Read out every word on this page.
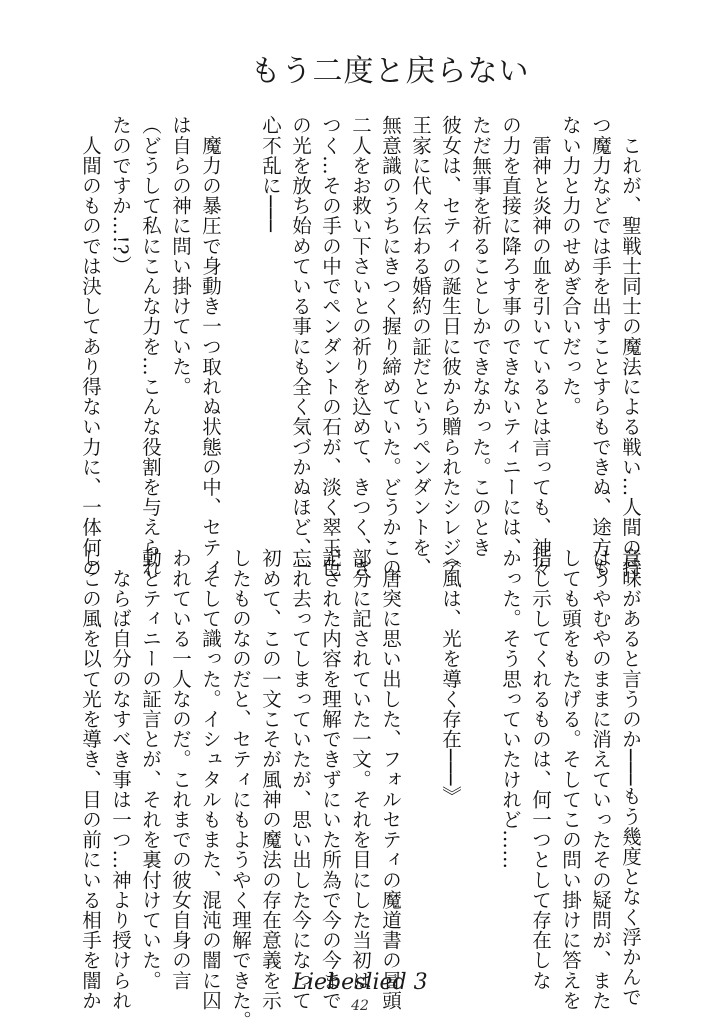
もう二度と戻らない

　これが、聖戦士同士の魔法による戦い…人間の持

つ魔力などでは手を出すことすらもできぬ、途方も

ない力と力のせめぎ合いだった。

　雷神と炎神の血を引いているとは言っても、神々

の力を直接に降ろす事のできないティニーには、

ただ無事を祈ることしかできなかった。このとき

彼女は、セティの誕生日に彼から贈られたシレジア

王家に代々伝わる婚約の証だというペンダントを、

無意識のうちにきつく握り締めていた。どうかこの

二人をお救い下さいとの祈りを込めて、きつく、き

つく…その手の中でペンダントの石が、淡く翠玉色

の光を放ち始めている事にも全く気づかぬほど、一

心不乱に───

　魔力の暴圧で身動き一つ取れぬ状態の中、セティ

は自らの神に問い掛けていた。

（どうして私にこんな力を…こんな役割を与えられ

たのですか…!?）

　人間のものでは決してあり得ない力に、一体何の

意味があると言うのか───もう幾度となく浮かんで

はうやむやのままに消えていったその疑問が、また

しても頭をもたげる。そしてこの問い掛けに答えを

指し示してくれるものは、何一つとして存在しな

かった。そう思っていたけれど……

《風は、光を導く存在───》

　唐突に思い出した、フォルセティの魔道書の冒頭

部分に記されていた一文。それを目にした当初は

記された内容を理解できずにいた所為で今の今まで

忘れ去ってしまっていたが、思い出した今になって

初めて、この一文こそが風神の魔法の存在意義を示

したものなのだと、セティにもようやく理解できた。

　そして識った。イシュタルもまた、混沌の闇に囚

われている一人なのだ。これまでの彼女自身の言

動とティニーの証言とが、それを裏付けていた。

　ならば自分のなすべき事は一つ…神より授けられ

しこの風を以て光を導き、目の前にいる相手を闇か	Liebeslied 3
42
